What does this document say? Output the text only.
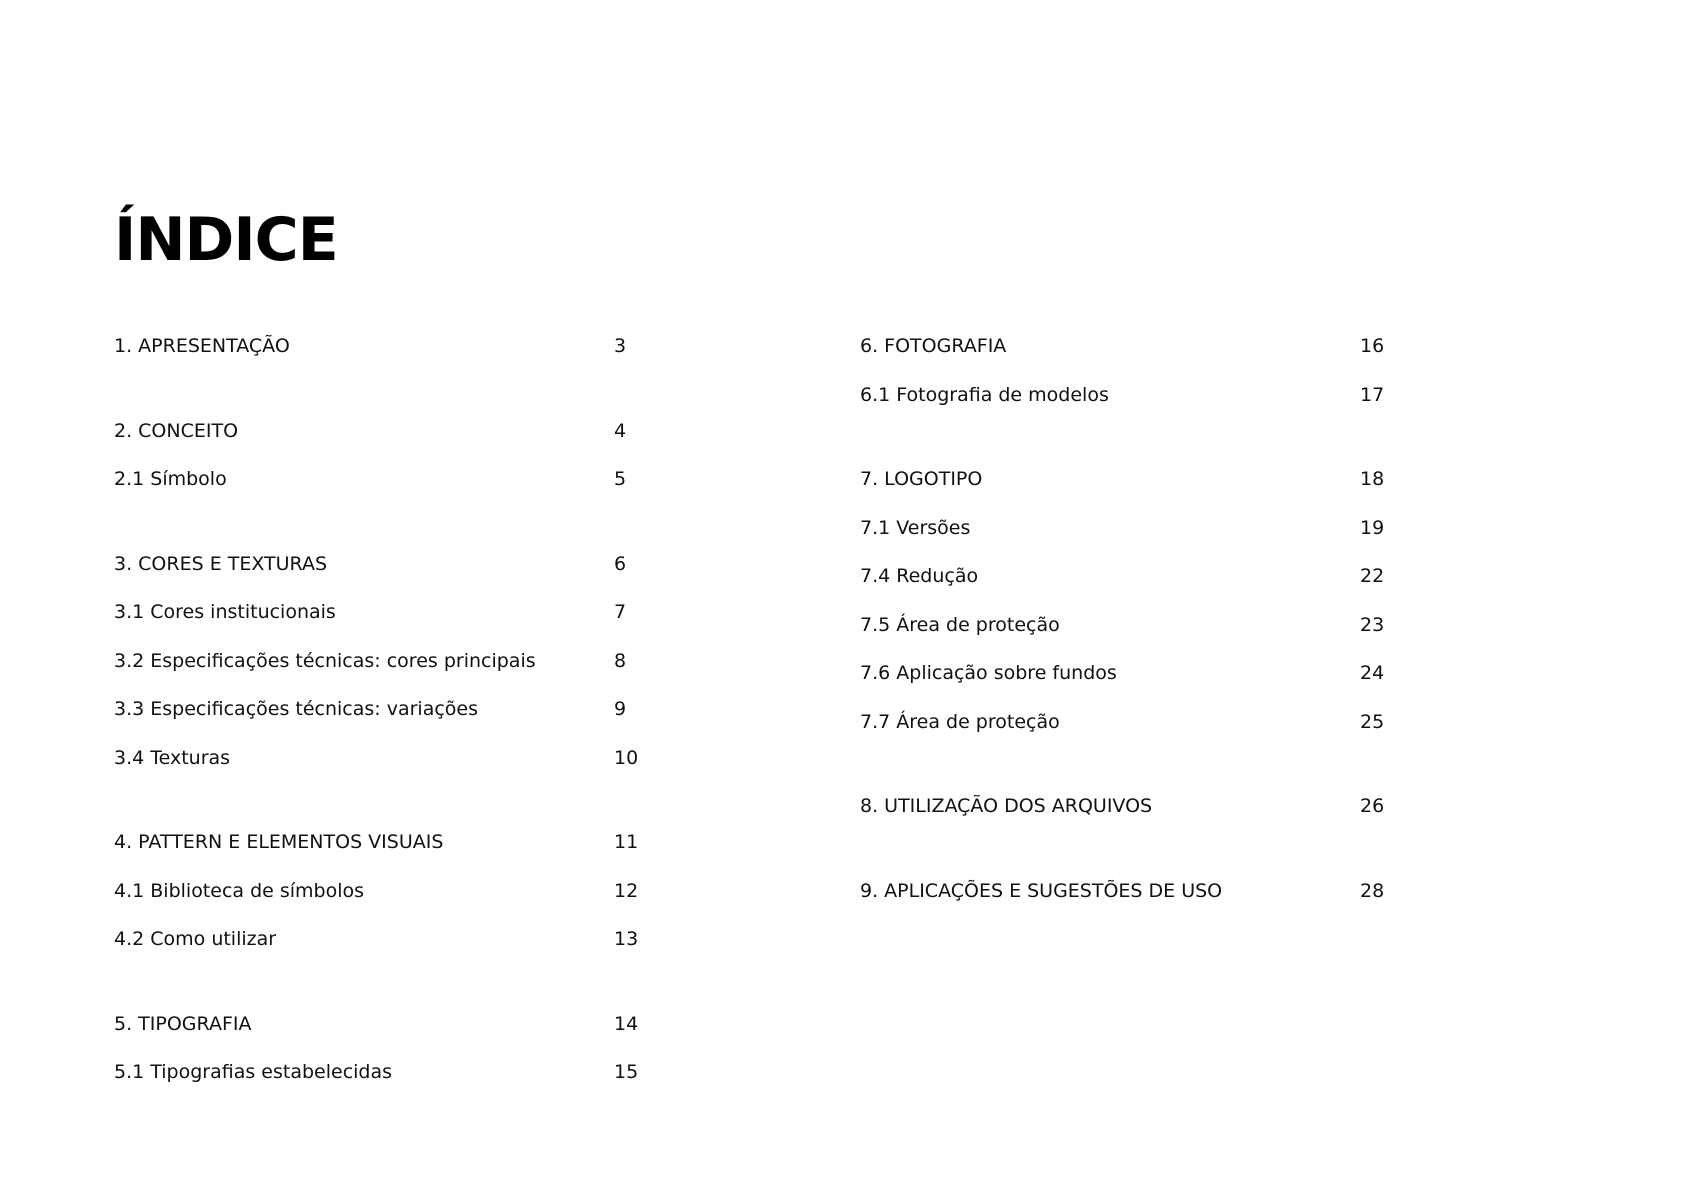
ÍNDICE
1. APRESENTAÇÃO	3
2. CONCEITO	4
2.1 Símbolo	5
3. CORES E TEXTURAS	6
3.1 Cores institucionais	7
3.2 Especificações técnicas: cores principais	8
3.3 Especificações técnicas: variações	9
3.4 Texturas	10
4. PATTERN E ELEMENTOS VISUAIS	11
4.1 Biblioteca de símbolos	12
4.2 Como utilizar	13
5. TIPOGRAFIA	14
5.1 Tipografias estabelecidas	15
6. FOTOGRAFIA	16
6.1 Fotografia de modelos	17
7. LOGOTIPO	18
7.1 Versões	19
7.4 Redução	22
7.5 Área de proteção	23
7.6 Aplicação sobre fundos	24
7.7 Área de proteção	25
8. UTILIZAÇÃO DOS ARQUIVOS	26
9. APLICAÇÕES E SUGESTÕES DE USO	28
